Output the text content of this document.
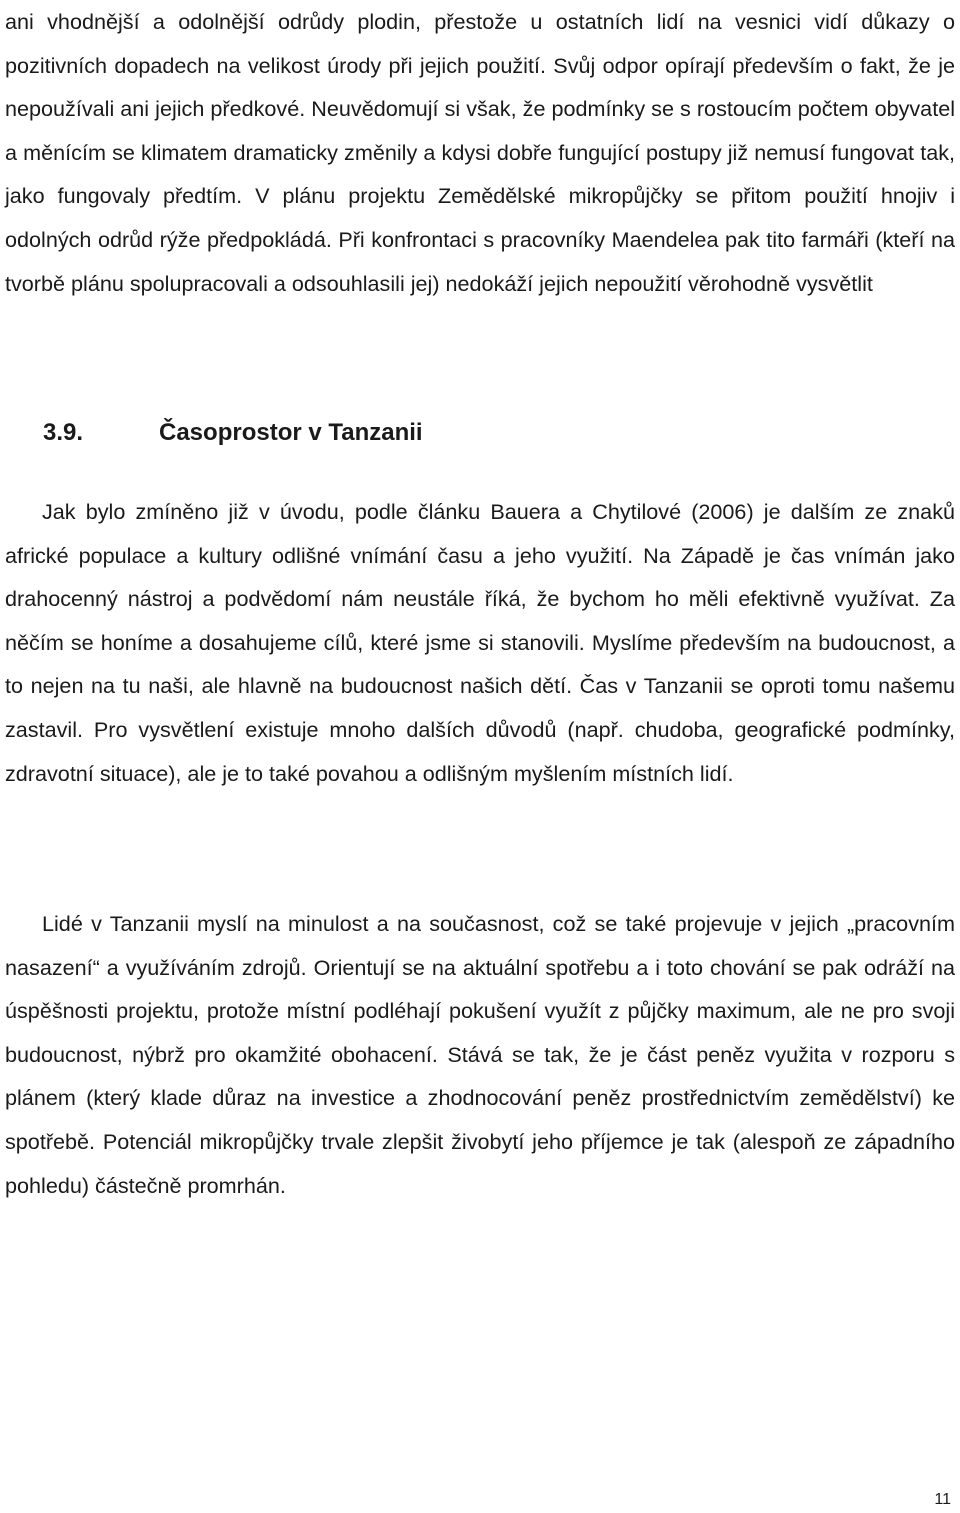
ani vhodnější a odolnější odrůdy plodin, přestože u ostatních lidí na vesnici vidí důkazy o pozitivních dopadech na velikost úrody při jejich použití. Svůj odpor opírají především o fakt, že je nepoužívali ani jejich předkové. Neuvědomují si však, že podmínky se s rostoucím počtem obyvatel a měnícím se klimatem dramaticky změnily a kdysi dobře fungující postupy již nemusí fungovat tak, jako fungovaly předtím. V plánu projektu Zemědělské mikropůjčky se přitom použití hnojiv i odolných odrůd rýže předpokládá. Při konfrontaci s pracovníky Maendelea pak tito farmáři (kteří na tvorbě plánu spolupracovali a odsouhlasili jej) nedokáží jejich nepoužití věrohodně vysvětlit

3.9.	Časoprostor v Tanzanii

Jak bylo zmíněno již v úvodu, podle článku Bauera a Chytilové (2006) je dalším ze znaků africké populace a kultury odlišné vnímání času a jeho využití. Na Západě je čas vnímán jako drahocenný nástroj a podvědomí nám neustále říká, že bychom ho měli efektivně využívat. Za něčím se honíme a dosahujeme cílů, které jsme si stanovili. Myslíme především na budoucnost, a to nejen na tu naši, ale hlavně na budoucnost našich dětí. Čas v Tanzanii se oproti tomu našemu zastavil. Pro vysvětlení existuje mnoho dalších důvodů (např. chudoba, geografické podmínky, zdravotní situace), ale je to také povahou a odlišným myšlením místních lidí.

Lidé v Tanzanii myslí na minulost a na současnost, což se také projevuje v jejich „pracovním nasazení“ a využíváním zdrojů. Orientují se na aktuální spotřebu a i toto chování se pak odráží na úspěšnosti projektu, protože místní podléhají pokušení využít z půjčky maximum, ale ne pro svoji budoucnost, nýbrž pro okamžité obohacení. Stává se tak, že je část peněz využita v rozporu s plánem (který klade důraz na investice a zhodnocování peněz prostřednictvím zemědělství) ke spotřebě. Potenciál mikropůjčky trvale zlepšit živobytí jeho příjemce je tak (alespoň ze západního pohledu) částečně promrhán.

11
